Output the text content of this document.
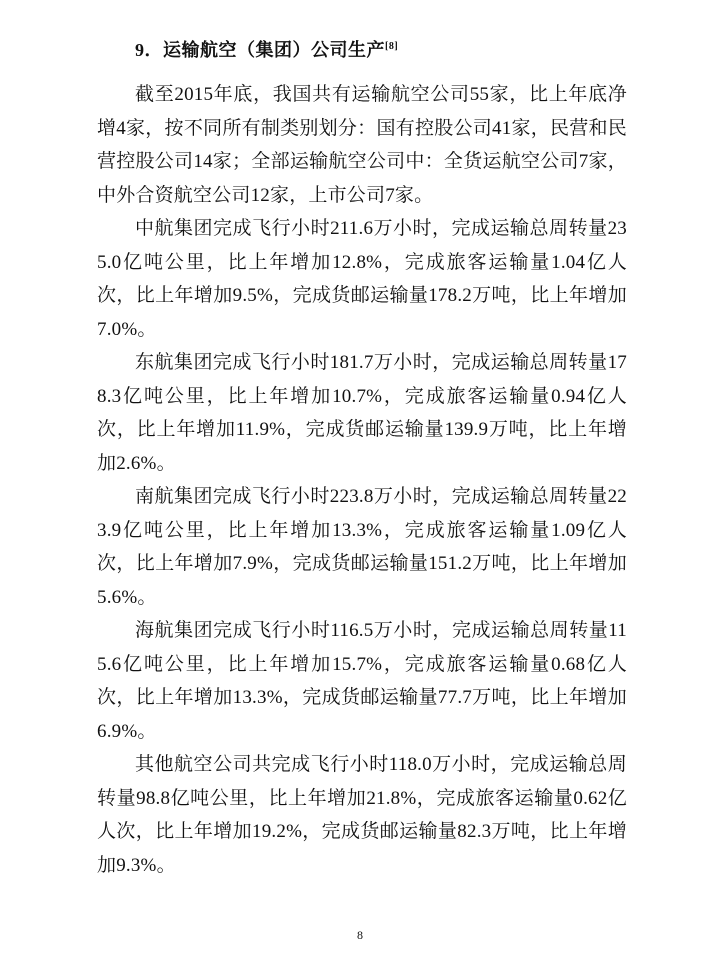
9．运输航空（集团）公司生产[8]

截至2015年底，我国共有运输航空公司55家，比上年底净增4家，按不同所有制类别划分：国有控股公司41家，民营和民营控股公司14家；全部运输航空公司中：全货运航空公司7家，中外合资航空公司12家，上市公司7家。

中航集团完成飞行小时211.6万小时，完成运输总周转量235.0亿吨公里，比上年增加12.8%，完成旅客运输量1.04亿人次，比上年增加9.5%，完成货邮运输量178.2万吨，比上年增加7.0%。

东航集团完成飞行小时181.7万小时，完成运输总周转量178.3亿吨公里，比上年增加10.7%，完成旅客运输量0.94亿人次，比上年增加11.9%，完成货邮运输量139.9万吨，比上年增加2.6%。

南航集团完成飞行小时223.8万小时，完成运输总周转量223.9亿吨公里，比上年增加13.3%，完成旅客运输量1.09亿人次，比上年增加7.9%，完成货邮运输量151.2万吨，比上年增加5.6%。

海航集团完成飞行小时116.5万小时，完成运输总周转量115.6亿吨公里，比上年增加15.7%，完成旅客运输量0.68亿人次，比上年增加13.3%，完成货邮运输量77.7万吨，比上年增加6.9%。

其他航空公司共完成飞行小时118.0万小时，完成运输总周转量98.8亿吨公里，比上年增加21.8%，完成旅客运输量0.62亿人次，比上年增加19.2%，完成货邮运输量82.3万吨，比上年增加9.3%。

8
